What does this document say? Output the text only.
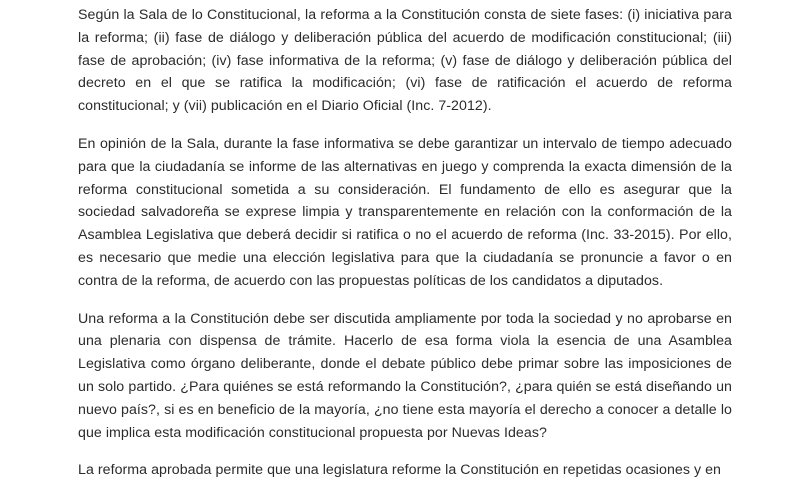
Según la Sala de lo Constitucional, la reforma a la Constitución consta de siete fases: (i) iniciativa para la reforma; (ii) fase de diálogo y deliberación pública del acuerdo de modificación constitucional; (iii) fase de aprobación; (iv) fase informativa de la reforma; (v) fase de diálogo y deliberación pública del decreto en el que se ratifica la modificación; (vi) fase de ratificación el acuerdo de reforma constitucional; y (vii) publicación en el Diario Oficial (Inc. 7-2012).

En opinión de la Sala, durante la fase informativa se debe garantizar un intervalo de tiempo adecuado para que la ciudadanía se informe de las alternativas en juego y comprenda la exacta dimensión de la reforma constitucional sometida a su consideración. El fundamento de ello es asegurar que la sociedad salvadoreña se exprese limpia y transparentemente en relación con la conformación de la Asamblea Legislativa que deberá decidir si ratifica o no el acuerdo de reforma (Inc. 33-2015). Por ello, es necesario que medie una elección legislativa para que la ciudadanía se pronuncie a favor o en contra de la reforma, de acuerdo con las propuestas políticas de los candidatos a diputados.

Una reforma a la Constitución debe ser discutida ampliamente por toda la sociedad y no aprobarse en una plenaria con dispensa de trámite. Hacerlo de esa forma viola la esencia de una Asamblea Legislativa como órgano deliberante, donde el debate público debe primar sobre las imposiciones de un solo partido. ¿Para quiénes se está reformando la Constitución?, ¿para quién se está diseñando un nuevo país?, si es en beneficio de la mayoría, ¿no tiene esta mayoría el derecho a conocer a detalle lo que implica esta modificación constitucional propuesta por Nuevas Ideas?

La reforma aprobada permite que una legislatura reforme la Constitución en repetidas ocasiones y en
